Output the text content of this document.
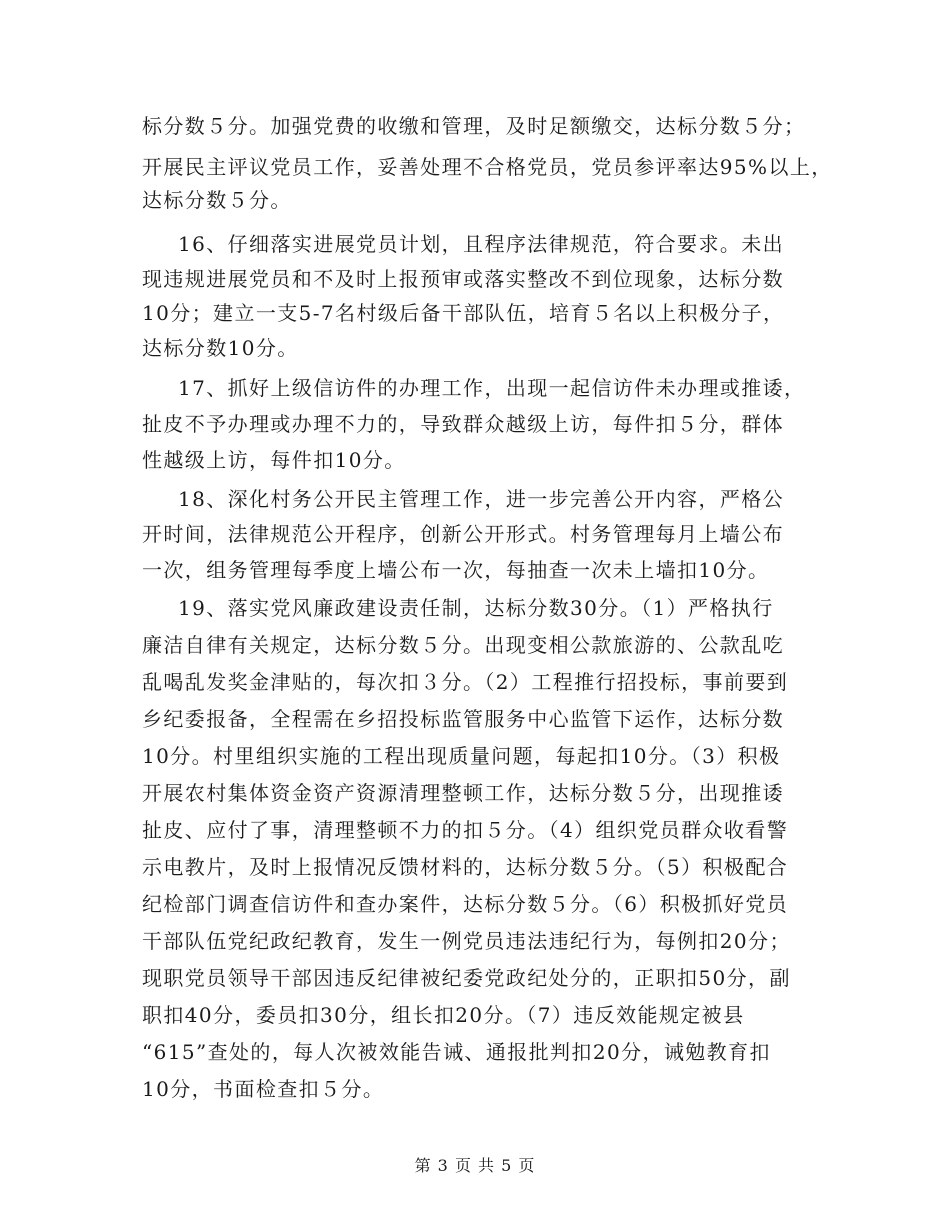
标分数５分。加强党费的收缴和管理，及时足额缴交，达标分数５分；
开展民主评议党员工作，妥善处理不合格党员，党员参评率达95%以上，
达标分数５分。
16、仔细落实进展党员计划，且程序法律规范，符合要求。未出
现违规进展党员和不及时上报预审或落实整改不到位现象，达标分数
10分；建立一支5-7名村级后备干部队伍，培育５名以上积极分子，
达标分数10分。
17、抓好上级信访件的办理工作，出现一起信访件未办理或推诿，
扯皮不予办理或办理不力的，导致群众越级上访，每件扣５分，群体
性越级上访，每件扣10分。
18、深化村务公开民主管理工作，进一步完善公开内容，严格公
开时间，法律规范公开程序，创新公开形式。村务管理每月上墙公布
一次，组务管理每季度上墙公布一次，每抽查一次未上墙扣10分。
19、落实党风廉政建设责任制，达标分数30分。（1）严格执行
廉洁自律有关规定，达标分数５分。出现变相公款旅游的、公款乱吃
乱喝乱发奖金津贴的，每次扣３分。（2）工程推行招投标，事前要到
乡纪委报备，全程需在乡招投标监管服务中心监管下运作，达标分数
10分。村里组织实施的工程出现质量问题，每起扣10分。（3）积极
开展农村集体资金资产资源清理整顿工作，达标分数５分，出现推诿
扯皮、应付了事，清理整顿不力的扣５分。（4）组织党员群众收看警
示电教片，及时上报情况反馈材料的，达标分数５分。（5）积极配合
纪检部门调查信访件和查办案件，达标分数５分。（6）积极抓好党员
干部队伍党纪政纪教育，发生一例党员违法违纪行为，每例扣20分；
现职党员领导干部因违反纪律被纪委党政纪处分的，正职扣50分，副
职扣40分，委员扣30分，组长扣20分。（7）违反效能规定被县
“615”查处的，每人次被效能告诫、通报批判扣20分，诫勉教育扣
10分，书面检查扣５分。
第 3 页 共 5 页
